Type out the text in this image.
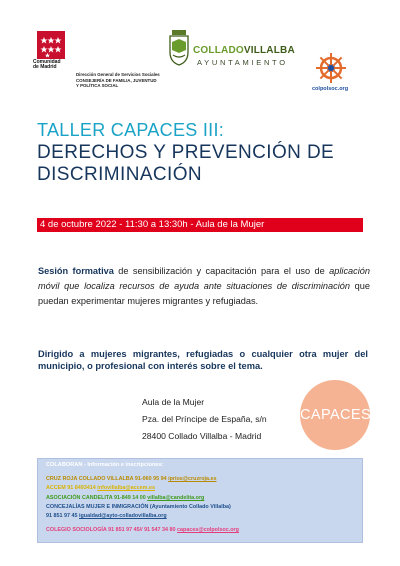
Comunidad
de Madrid
Dirección General de Servicios Sociales
CONSEJERÍA DE FAMILIA, JUVENTUD
Y POLÍTICA SOCIAL
COLLADOVILLALBA
AYUNTAMIENTO
colpolsoc.org
TALLER CAPACES III:
DERECHOS Y PREVENCIÓN DE DISCRIMINACIÓN
4 de octubre 2022 - 11:30 a 13:30h - Aula de la Mujer

Sesión formativa de sensibilización y capacitación para el uso de aplicación móvil que localiza recursos de ayuda ante situaciones de discriminación que puedan experimentar mujeres migrantes y refugiadas.

Dirigido a mujeres migrantes, refugiadas o cualquier otra mujer del municipio, o profesional con interés sobre el tema.

Aula de la Mujer
Pza. del Príncipe de España, s/n
28400 Collado Villalba - Madrid
CAPACES
COLABORAN - Información e inscripciones:
CRUZ ROJA COLLADO VILLALBA 91-060 95 94 iprios@cruzroja.es
ACCEM 91 8493414 infovillalba@accem.es
ASOCIACIÓN CANDELITA 91-849 14 00 villalba@candelita.org
CONCEJALÍAS MUJER E INMIGRACIÓN (Ayuntamiento Collado Villalba)
91 851 97 45 igualdad@ayto-colladovillalba.org
COLEGIO SOCIOLOGÍA 91 851 97 45// 91 547 34 80 capaces@colpolsoc.org
